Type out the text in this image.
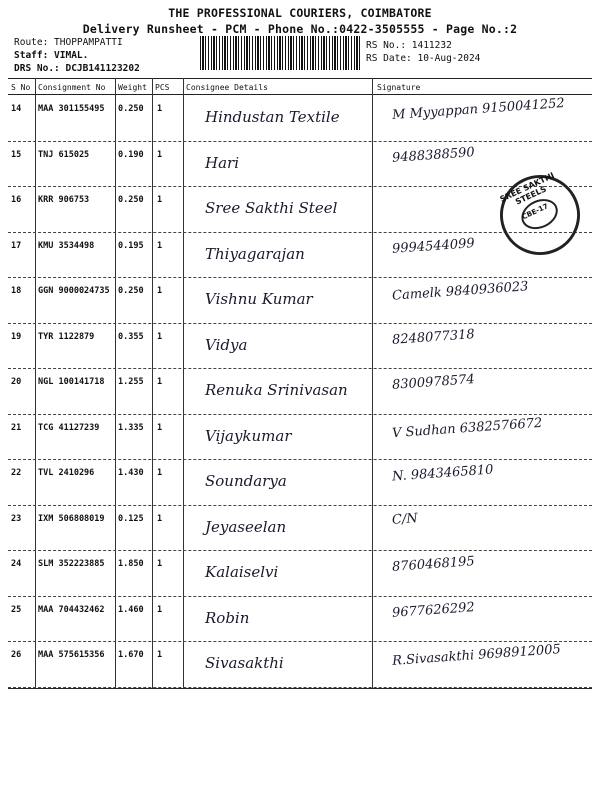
THE PROFESSIONAL COURIERS, COIMBATORE
Delivery Runsheet - PCM - Phone No.:0422-3505555 - Page No.:2
Route: THOPPAMPATTI
Staff: VIMAL.
DRS No.: DCJB141123202
RS No.: 1411232
RS Date: 10-Aug-2024
S No Consignment No Weight PCS Consignee Details	Signature
14 MAA 301155495 0.250 1	Hindustan Textile	M Myyappan 9150041252
15 TNJ 615025	0.190 1	Hari	9488388590
16 KRR 906753	0.250 1	Sree Sakthi Steel
17 KMU 3534498	0.195 1	Thiyagarajan	9994544099
18 GGN 9000024735 0.250 1	Vishnu Kumar	Camelk 9840936023
19 TYR 1122879	0.355 1	Vidya	8248077318
20 NGL 100141718 1.255 1	Renuka Srinivasan	8300978574
21 TCG 41127239 1.335 1	Vijaykumar	V Sudhan 6382576672
22 TVL 2410296	1.430 1	Soundarya	N. 9843465810
23 IXM 506808019 0.125 1	Jeyaseelan	C/N
24 SLM 352223885 1.850 1	Kalaiselvi	8760468195
25 MAA 704432462 1.460 1	Robin	9677626292
26 MAA 575615356 1.670 1	Sivasakthi	R.Sivasakthi 9698912005
SREE SAKTHI STEELS
CBE-17
